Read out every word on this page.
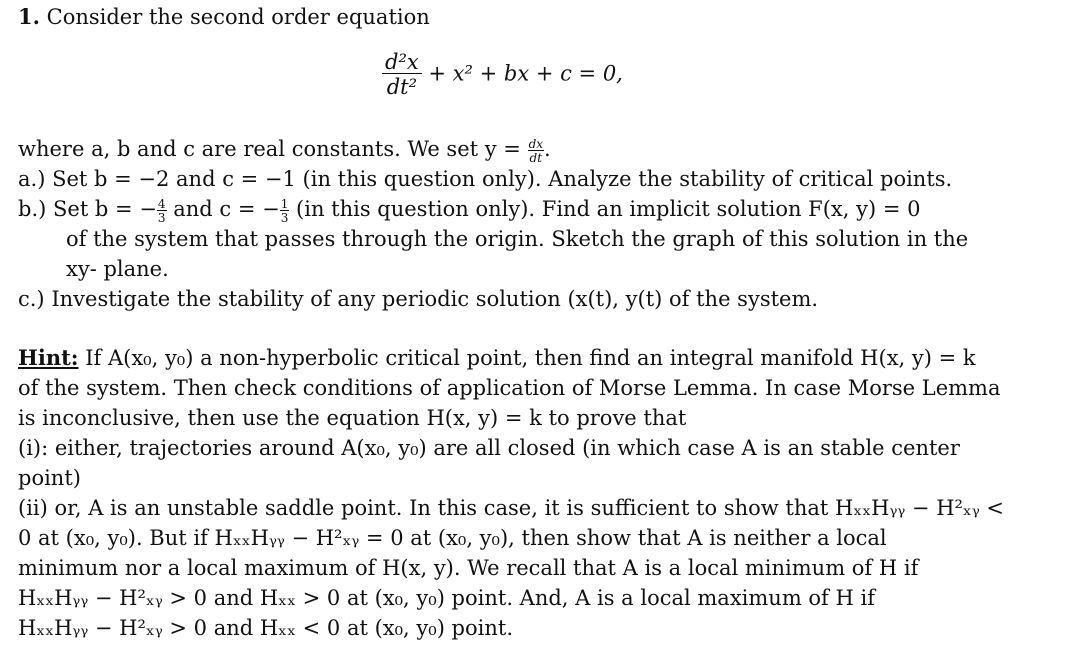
1. Consider the second order equation
$\frac{\text{d²x}}{\text{dt²}} + x^2$ + bx + c = 0,
where a, b and c are real constants. We set $y = \frac{dx}{dt}$ .
a.) Set b = −2 and c = −1 (in this question only). Analyze the stability of critical points.
b.) Set b = − $\frac{4}{3}$ and c = − $\frac{1}{3} (in$ this question only). Find an implicit solution F(x, y) = 0
of the system that passes through the origin. Sketch the graph of this solution in the
xy- plane.
c.) Investigate the stability of any periodic solution (x(t), y(t) of the system.
Hint: If A(x₀, y₀) a non-hyperbolic critical point, then find an integral manifold H(x, y) = k
of the system. Then check conditions of application of Morse Lemma. In case Morse Lemma
is inconclusive, then use the equation H(x, y) = k to prove that
(i): either, trajectories around A(x₀, y₀) are all closed (in which case A is an stable center
point)
(ii) or, A is an unstable saddle point. In this case, it is sufficient to show that HₓₓHᵧᵧ − H²ₓᵧ <
0 at (x₀, y₀). But if HₓₓHᵧᵧ − H²ₓᵧ = 0 at (x₀, y₀), then show that A is neither a local
minimum nor a local maximum of H(x, y). We recall that A is a local minimum of H if
HₓₓHᵧᵧ − H²ₓᵧ > 0 and Hₓₓ > 0 at (x₀, y₀) point. And, A is a local maximum of H if
HₓₓHᵧᵧ − H²ₓᵧ > 0 and Hₓₓ < 0 at (x₀, y₀) point.
